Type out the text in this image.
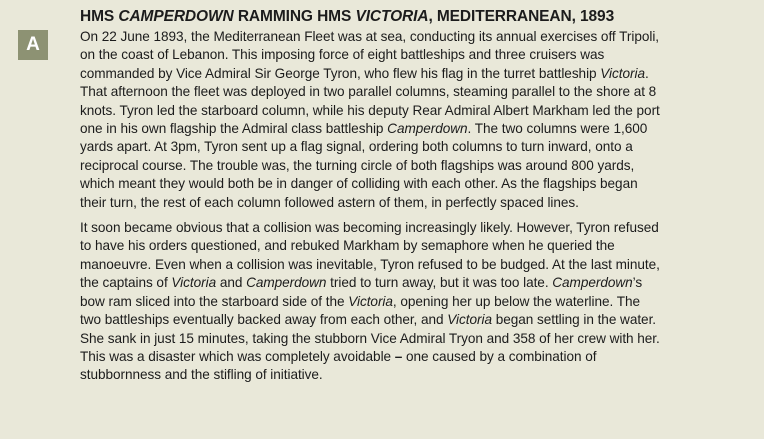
A
HMS CAMPERDOWN RAMMING HMS VICTORIA, MEDITERRANEAN, 1893

On 22 June 1893, the Mediterranean Fleet was at sea, conducting its annual exercises off Tripoli,
on the coast of Lebanon. This imposing force of eight battleships and three cruisers was
commanded by Vice Admiral Sir George Tyron, who flew his flag in the turret battleship Victoria.
That afternoon the fleet was deployed in two parallel columns, steaming parallel to the shore at 8
knots. Tyron led the starboard column, while his deputy Rear Admiral Albert Markham led the port
one in his own flagship the Admiral class battleship Camperdown. The two columns were 1,600
yards apart. At 3pm, Tyron sent up a flag signal, ordering both columns to turn inward, onto a
reciprocal course. The trouble was, the turning circle of both flagships was around 800 yards,
which meant they would both be in danger of colliding with each other. As the flagships began
their turn, the rest of each column followed astern of them, in perfectly spaced lines.

It soon became obvious that a collision was becoming increasingly likely. However, Tyron refused
to have his orders questioned, and rebuked Markham by semaphore when he queried the
manoeuvre. Even when a collision was inevitable, Tyron refused to be budged. At the last minute,
the captains of Victoria and Camperdown tried to turn away, but it was too late. Camperdown’s
bow ram sliced into the starboard side of the Victoria, opening her up below the waterline. The
two battleships eventually backed away from each other, and Victoria began settling in the water.
She sank in just 15 minutes, taking the stubborn Vice Admiral Tryon and 358 of her crew with her.
This was a disaster which was completely avoidable – one caused by a combination of
stubbornness and the stifling of initiative.
